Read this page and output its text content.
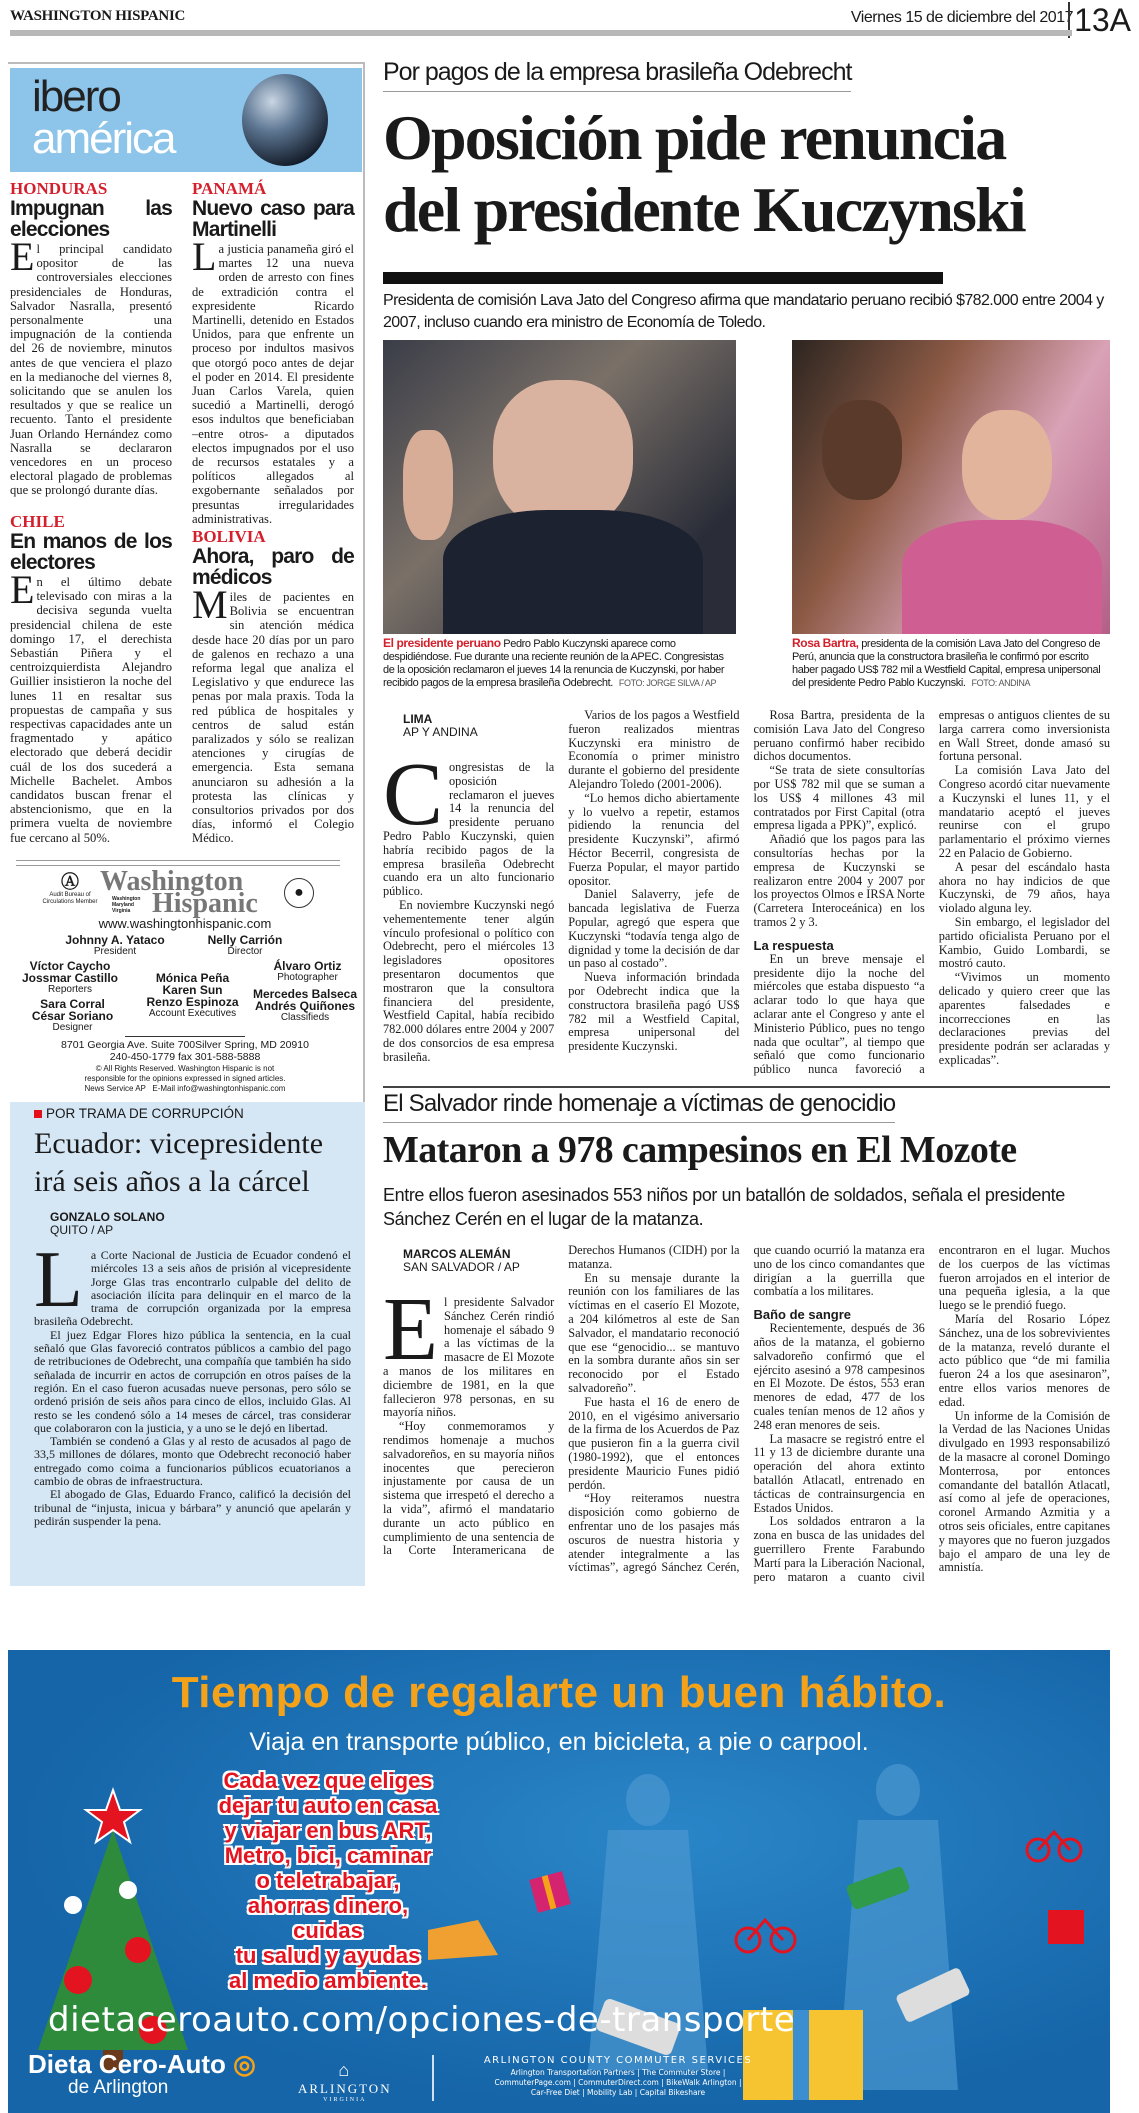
WASHINGTON HISPANIC	Viernes 15 de diciembre del 2017 13A
ibero
américa
HONDURAS
Impugnan las elecciones

El principal candidato opositor de las controversiales elecciones presidenciales de Honduras, Salvador Nasralla, presentó personalmente una impugnación de la contienda del 26 de noviembre, minutos antes de que venciera el plazo en la medianoche del viernes 8, solicitando que se anulen los resultados y que se realice un recuento. Tanto el presidente Juan Orlando Hernández como Nasralla se declararon vencedores en un proceso electoral plagado de problemas que se prolongó durante días.

PANAMÁ
Nuevo caso para Martinelli

La justicia panameña giró el martes 12 una nueva orden de arresto con fines de extradición contra el expresidente Ricardo Martinelli, detenido en Estados Unidos, para que enfrente un proceso por indultos masivos que otorgó poco antes de dejar el poder en 2014. El presidente Juan Carlos Varela, quien sucedió a Martinelli, derogó esos indultos que beneficiaban –entre otros- a diputados electos impugnados por el uso de recursos estatales y a políticos allegados al exgobernante señalados por presuntas irregularidades administrativas.

CHILE
En manos de los electores

En el último debate televisado con miras a la decisiva segunda vuelta presidencial chilena de este domingo 17, el derechista Sebastián Piñera y el centroizquierdista Alejandro Guillier insistieron la noche del lunes 11 en resaltar sus propuestas de campaña y sus respectivas capacidades ante un fragmentado y apático electorado que deberá decidir cuál de los dos sucederá a Michelle Bachelet. Ambos candidatos buscan frenar el abstencionismo, que en la primera vuelta de noviembre fue cercano al 50%.

BOLIVIA
Ahora, paro de médicos

Miles de pacientes en Bolivia se encuentran sin atención médica desde hace 20 días por un paro de galenos en rechazo a una reforma legal que analiza el Legislativo y que endurece las penas por mala praxis. Toda la red pública de hospitales y centros de salud están paralizados y sólo se realizan atenciones y cirugías de emergencia. Esta semana anunciaron su adhesión a la protesta las clínicas y consultorios privados por dos días, informó el Colegio Médico.

Ⓐ
Audit Bureau of Circulations Member
Washington
Hispanic
Washington Maryland Virginia
●
www.washingtonhispanic.com
Johnny A. Yataco
President
Nelly Carrión
Director
Víctor Caycho
Jossmar Castillo
Reporters
Álvaro Ortiz
Photographer
Mónica Peña
Karen Sun
Renzo Espinoza
Account Executives
Sara Corral
César Soriano
Designer
Mercedes Balseca
Andrés Quiñones
Classifieds
8701 Georgia Ave. Suite 700Silver Spring, MD 20910
240-450-1779 fax 301-588-5888
© All Rights Reserved. Washington Hispanic is not
responsible for the opinions expressed in signed articles.
News Service AP   E-Mail info@washingtonhispanic.com
POR TRAMA DE CORRUPCIÓN
Ecuador: vicepresidente irá seis años a la cárcel
GONZALO SOLANO
QUITO / AP

La Corte Nacional de Justicia de Ecuador condenó el miércoles 13 a seis años de prisión al vicepresidente Jorge Glas tras encontrarlo culpable del delito de asociación ilícita para delinquir en el marco de la trama de corrupción organizada por la empresa brasileña Odebrecht.

El juez Edgar Flores hizo pública la sentencia, en la cual señaló que Glas favoreció contratos públicos a cambio del pago de retribuciones de Odebrecht, una compañía que también ha sido señalada de incurrir en actos de corrupción en otros países de la región. En el caso fueron acusadas nueve personas, pero sólo se ordenó prisión de seis años para cinco de ellos, incluido Glas. Al resto se les condenó sólo a 14 meses de cárcel, tras considerar que colaboraron con la justicia, y a uno se le dejó en libertad.

También se condenó a Glas y al resto de acusados al pago de 33,5 millones de dólares, monto que Odebrecht reconoció haber entregado como coima a funcionarios públicos ecuatorianos a cambio de obras de infraestructura.

El abogado de Glas, Eduardo Franco, calificó la decisión del tribunal de “injusta, inicua y bárbara” y anunció que apelarán y pedirán suspender la pena.

Por pagos de la empresa brasileña Odebrecht
Oposición pide renuncia
del presidente Kuczynski
Presidenta de comisión Lava Jato del Congreso afirma que mandatario peruano recibió $782.000 entre 2004 y 2007, incluso cuando era ministro de Economía de Toledo.
El presidente peruano Pedro Pablo Kuczynski aparece como despidiéndose. Fue durante una reciente reunión de la APEC. Congresistas de la oposición reclamaron el jueves 14 la renuncia de Kuczynski, por haber recibido pagos de la empresa brasileña Odebrecht. FOTO: JORGE SILVA / AP
Rosa Bartra, presidenta de la comisión Lava Jato del Congreso de Perú, anuncia que la constructora brasileña le confirmó por escrito haber pagado US$ 782 mil a Westfield Capital, empresa unipersonal del presidente Pedro Pablo Kuczynski. FOTO: ANDINA
LIMA
AP Y ANDINA

Congresistas de la oposición reclamaron el jueves 14 la renuncia del presidente peruano Pedro Pablo Kuczynski, quien habría recibido pagos de la empresa brasileña Odebrecht cuando era un alto funcionario público.

En noviembre Kuczynski negó vehementemente tener algún vínculo profesional o político con Odebrecht, pero el miércoles 13 legisladores opositores presentaron documentos que mostraron que la consultora financiera del presidente, Westfield Capital, había recibido 782.000 dólares entre 2004 y 2007 de dos consorcios de esa empresa brasileña.

Varios de los pagos a Westfield fueron realizados mientras Kuczynski era ministro de Economía o primer ministro durante el gobierno del presidente Alejandro Toledo (2001-2006).

“Lo hemos dicho abiertamente y lo vuelvo a repetir, estamos pidiendo la renuncia del presidente Kuczynski”, afirmó Héctor Becerril, congresista de Fuerza Popular, el mayor partido opositor.

Daniel Salaverry, jefe de bancada legislativa de Fuerza Popular, agregó que espera que Kuczynski “todavía tenga algo de dignidad y tome la decisión de dar un paso al costado”.

Nueva información brindada por Odebrecht indica que la constructora brasileña pagó US$ 782 mil a Westfield Capital, empresa unipersonal del presidente Kuczynski.

Rosa Bartra, presidenta de la comisión Lava Jato del Congreso peruano confirmó haber recibido dichos documentos.

“Se trata de siete consultorías por US$ 782 mil que se suman a los US$ 4 millones 43 mil contratados por First Capital (otra empresa ligada a PPK)”, explicó.

Añadió que los pagos para las consultorías hechas por la empresa de Kuczynski se realizaron entre 2004 y 2007 por los proyectos Olmos e IRSA Norte (Carretera Interoceánica) en los tramos 2 y 3.

La respuesta

En un breve mensaje el presidente dijo la noche del miércoles que estaba dispuesto “a aclarar todo lo que haya que aclarar ante el Congreso y ante el Ministerio Público, pues no tengo nada que ocultar”, al tiempo que señaló que como funcionario público nunca favoreció a empresas o antiguos clientes de su larga carrera como inversionista en Wall Street, donde amasó su fortuna personal.

La comisión Lava Jato del Congreso acordó citar nuevamente a Kuczynski el lunes 11, y el mandatario aceptó el jueves reunirse con el grupo parlamentario el próximo viernes 22 en Palacio de Gobierno.

A pesar del escándalo hasta ahora no hay indicios de que Kuczynski, de 79 años, haya violado alguna ley.

Sin embargo, el legislador del partido oficialista Peruano por el Kambio, Guido Lombardi, se mostró cauto.

“Vivimos un momento delicado y quiero creer que las aparentes falsedades e incorrecciones en las declaraciones previas del presidente podrán ser aclaradas y explicadas”.

El Salvador rinde homenaje a víctimas de genocidio
Mataron a 978 campesinos en El Mozote
Entre ellos fueron asesinados 553 niños por un batallón de soldados, señala el presidente Sánchez Cerén en el lugar de la matanza.
MARCOS ALEMÁN
SAN SALVADOR / AP

El presidente Salvador Sánchez Cerén rindió homenaje el sábado 9 a las víctimas de la masacre de El Mozote a manos de los militares en diciembre de 1981, en la que fallecieron 978 personas, en su mayoría niños.

“Hoy conmemoramos y rendimos homenaje a muchos salvadoreños, en su mayoría niños inocentes que perecieron injustamente por causa de un sistema que irrespetó el derecho a la vida”, afirmó el mandatario durante un acto público en cumplimiento de una sentencia de la Corte Interamericana de Derechos Humanos (CIDH) por la matanza.

En su mensaje durante la reunión con los familiares de las víctimas en el caserío El Mozote, a 204 kilómetros al este de San Salvador, el mandatario reconoció que ese “genocidio... se mantuvo en la sombra durante años sin ser reconocido por el Estado salvadoreño”.

Fue hasta el 16 de enero de 2010, en el vigésimo aniversario de la firma de los Acuerdos de Paz que pusieron fin a la guerra civil (1980-1992), que el entonces presidente Mauricio Funes pidió perdón.

“Hoy reiteramos nuestra disposición como gobierno de enfrentar uno de los pasajes más oscuros de nuestra historia y atender integralmente a las víctimas”, agregó Sánchez Cerén, que cuando ocurrió la matanza era uno de los cinco comandantes que dirigían a la guerrilla que combatía a los militares.

Baño de sangre

Recientemente, después de 36 años de la matanza, el gobierno salvadoreño confirmó que el ejército asesinó a 978 campesinos en El Mozote. De éstos, 553 eran menores de edad, 477 de los cuales tenían menos de 12 años y 248 eran menores de seis.

La masacre se registró entre el 11 y 13 de diciembre durante una operación del ahora extinto batallón Atlacatl, entrenado en tácticas de contrainsurgencia en Estados Unidos.

Los soldados entraron a la zona en busca de las unidades del guerrillero Frente Farabundo Martí para la Liberación Nacional, pero mataron a cuanto civil encontraron en el lugar. Muchos de los cuerpos de las víctimas fueron arrojados en el interior de una pequeña iglesia, a la que luego se le prendió fuego.

María del Rosario López Sánchez, una de los sobrevivientes de la matanza, reveló durante el acto público que “de mi familia fueron 24 a los que asesinaron”, entre ellos varios menores de edad.

Un informe de la Comisión de la Verdad de las Naciones Unidas divulgado en 1993 responsabilizó de la masacre al coronel Domingo Monterrosa, por entonces comandante del batallón Atlacatl, así como al jefe de operaciones, coronel Armando Azmitia y a otros seis oficiales, entre capitanes y mayores que no fueron juzgados bajo el amparo de una ley de amnistía.

Tiempo de regalarte un buen hábito.
Viaja en transporte público, en bicicleta, a pie o carpool.
Cada vez que eliges
dejar tu auto en casa
y viajar en bus ART,
Metro, bici, caminar
o teletrabajar,
ahorras dinero,
cuidas
tu salud y ayudas
al medio ambiente.
dietaceroauto.com/opciones-de-transporte
Dieta Cero-Auto ◎
de Arlington
⌂
ARLINGTON
VIRGINIA
ARLINGTON COUNTY COMMUTER SERVICES
Arlington Transportation Partners | The Commuter Store |
CommuterPage.com | CommuterDirect.com | BikeWalk Arlington |
Car-Free Diet | Mobility Lab | Capital Bikeshare
